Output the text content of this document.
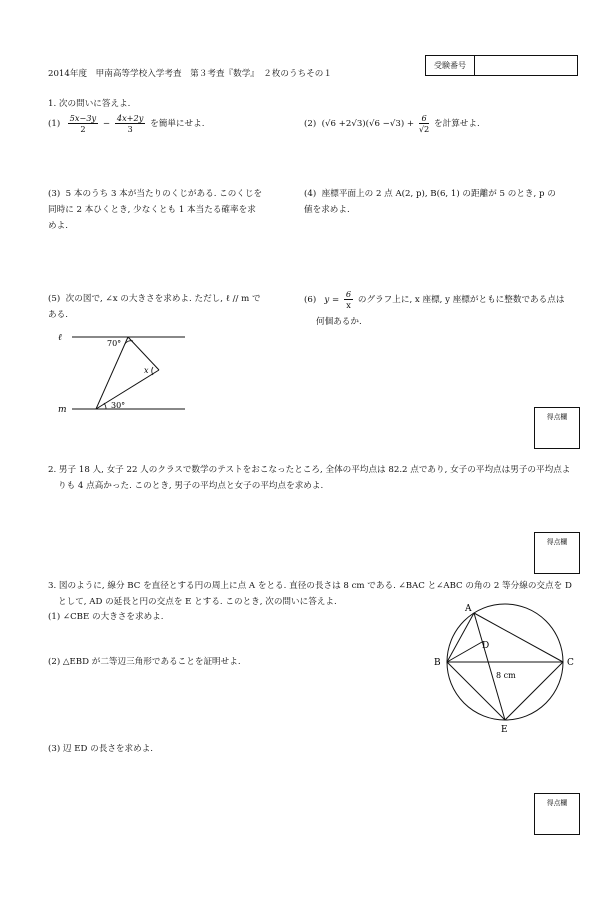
2014年度　甲南高等学校入学考査　第３考査『数学』　２枚のうちその１
受験番号
1. 次の問いに答えよ.
$(1) \frac{5x-3y}{2} - \frac{4x+2y}{3}$ を簡単にせよ.	(2) $(√6 +2√3)(√6 -√3) + \frac{6}{√2}$ を計算せよ.
(3) 5 本のうち 3 本が当たりのくじがある. このくじを
同時に 2 本ひくとき, 少なくとも 1 本当たる確率を求
めよ.
(4) 座標平面上の 2 点 A(2, p), B(6, 1) の距離が 5 のとき, p の
値を求めよ.
(5) 次の図で, ∠x の大きさを求めよ. ただし, ℓ // m で
ある.
(6) $y = \frac{6}{x}$ のグラフ上に, x 座標, y 座標がともに整数である点は
何個あるか.
ℓ
m
70°
x
30°
得点欄
2. 男子 18 人, 女子 22 人のクラスで数学のテストをおこなったところ, 全体の平均点は 82.2 点であり, 女子の平均点は男子の平均点よ
りも 4 点高かった. このとき, 男子の平均点と女子の平均点を求めよ.
得点欄
3. 図のように, 線分 BC を直径とする円の周上に点 A をとる. 直径の長さは 8 cm である. ∠BAC と∠ABC の角の 2 等分線の交点を D
として, AD の延長と円の交点を E とする. このとき, 次の問いに答えよ.
(1) ∠CBE の大きさを求めよ.
(2) △EBD が二等辺三角形であることを証明せよ.
(3) 辺 ED の長さを求めよ.
A
B	C
D
E
8 cm
得点欄
